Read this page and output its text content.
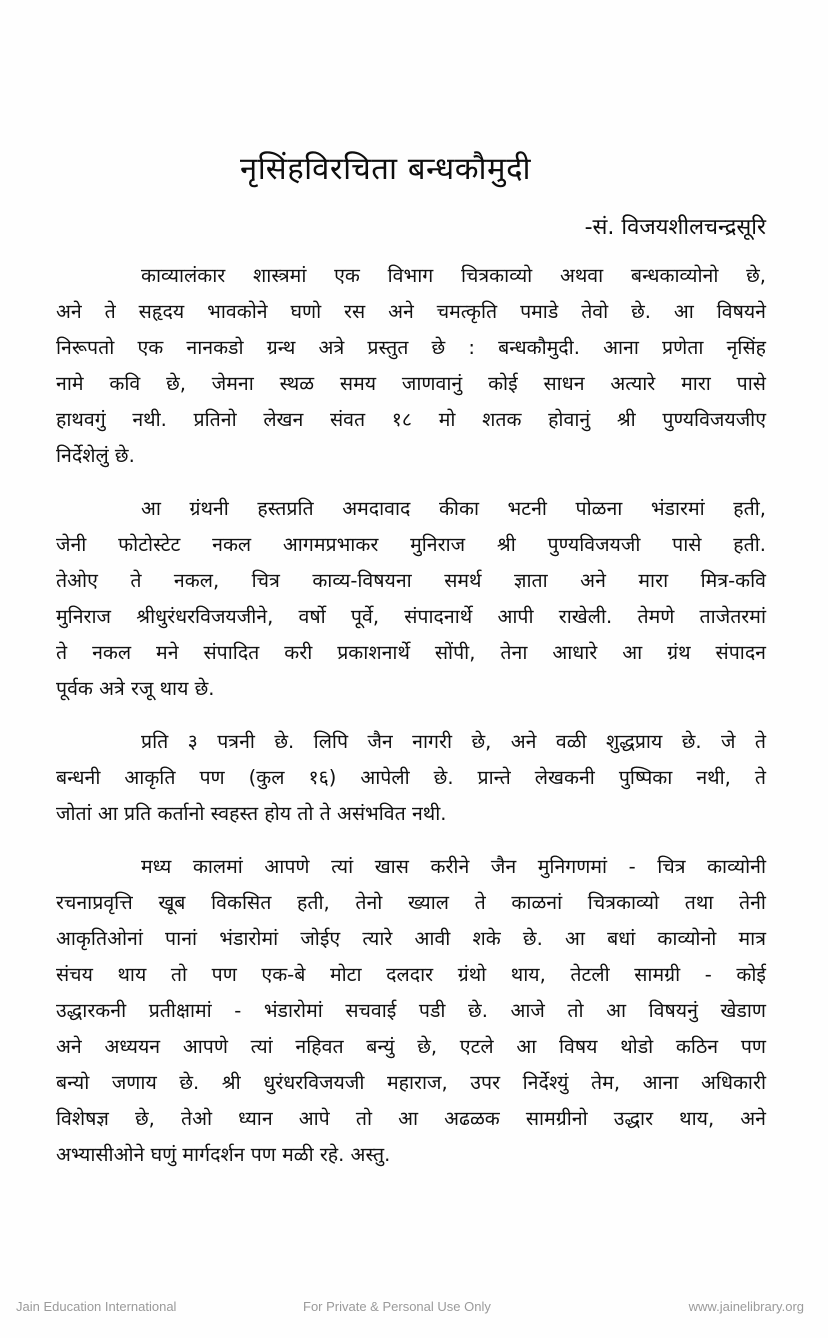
नृसिंहविरचिता बन्धकौमुदी
-सं. विजयशीलचन्द्रसूरि
काव्यालंकार शास्त्रमां एक विभाग चित्रकाव्यो अथवा बन्धकाव्योनो छे,
अने ते सहृदय भावकोने घणो रस अने चमत्कृति पमाडे तेवो छे. आ विषयने
निरूपतो एक नानकडो ग्रन्थ अत्रे प्रस्तुत छे : बन्धकौमुदी. आना प्रणेता नृसिंह
नामे कवि छे, जेमना स्थळ समय जाणवानुं कोई साधन अत्यारे मारा पासे
हाथवगुं नथी. प्रतिनो लेखन संवत १८ मो शतक होवानुं श्री पुण्यविजयजीए
निर्देशेलुं छे.
आ ग्रंथनी हस्तप्रति अमदावाद कीका भटनी पोळना भंडारमां हती,
जेनी फोटोस्टेट नकल आगमप्रभाकर मुनिराज श्री पुण्यविजयजी पासे हती.
तेओए ते नकल, चित्र काव्य-विषयना समर्थ ज्ञाता अने मारा मित्र-कवि
मुनिराज श्रीधुरंधरविजयजीने, वर्षो पूर्वे, संपादनार्थे आपी राखेली. तेमणे ताजेतरमां
ते नकल मने संपादित करी प्रकाशनार्थे सोंपी, तेना आधारे आ ग्रंथ संपादन
पूर्वक अत्रे रजू थाय छे.
प्रति ३ पत्रनी छे. लिपि जैन नागरी छे, अने वळी शुद्धप्राय छे. जे ते
बन्धनी आकृति पण (कुल १६) आपेली छे. प्रान्ते लेखकनी पुष्पिका नथी, ते
जोतां आ प्रति कर्तानो स्वहस्त होय तो ते असंभवित नथी.
मध्य कालमां आपणे त्यां खास करीने जैन मुनिगणमां - चित्र काव्योनी
रचनाप्रवृत्ति खूब विकसित हती, तेनो ख्याल ते काळनां चित्रकाव्यो तथा तेनी
आकृतिओनां पानां भंडारोमां जोईए त्यारे आवी शके छे. आ बधां काव्योनो मात्र
संचय थाय तो पण एक-बे मोटा दलदार ग्रंथो थाय, तेटली सामग्री - कोई
उद्धारकनी प्रतीक्षामां - भंडारोमां सचवाई पडी छे. आजे तो आ विषयनुं खेडाण
अने अध्ययन आपणे त्यां नहिवत बन्युं छे, एटले आ विषय थोडो कठिन पण
बन्यो जणाय छे. श्री धुरंधरविजयजी महाराज, उपर निर्देश्युं तेम, आना अधिकारी
विशेषज्ञ छे, तेओ ध्यान आपे तो आ अढळक सामग्रीनो उद्धार थाय, अने
अभ्यासीओने घणुं मार्गदर्शन पण मळी रहे. अस्तु.
Jain Education International	For Private & Personal Use Only	www.jainelibrary.org
